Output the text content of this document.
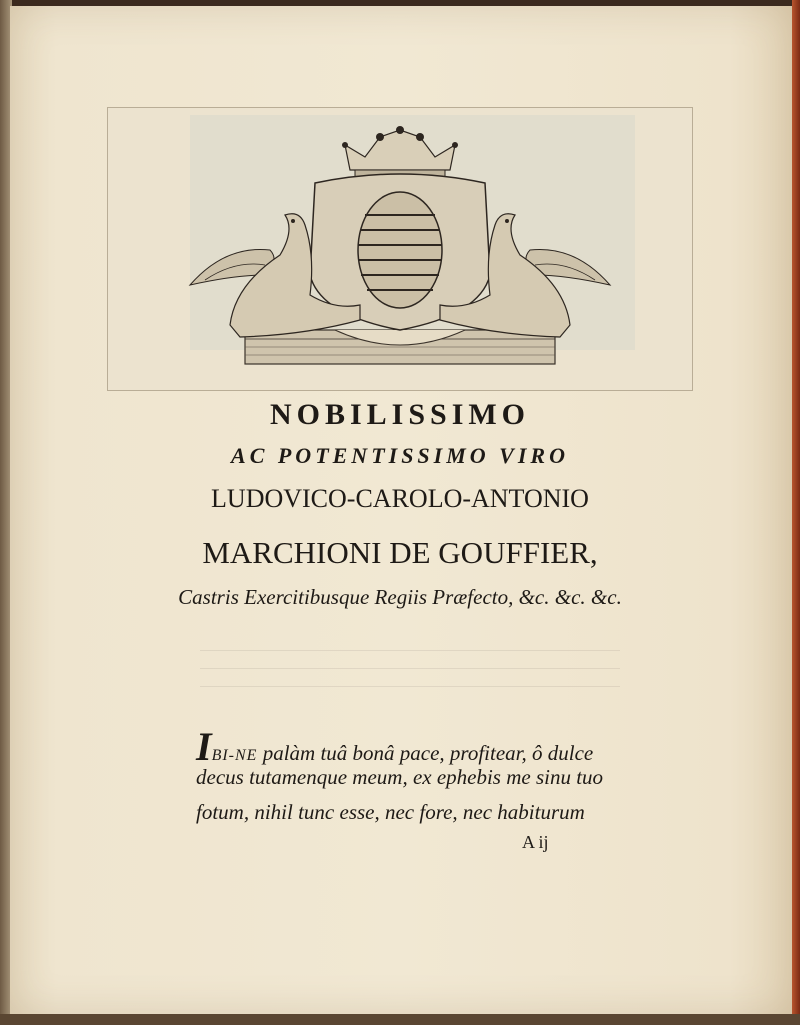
NOBILISSIMO
AC POTENTISSIMO VIRO
LUDOVICO-CAROLO-ANTONIO
MARCHIONI DE GOUFFIER,
Castris Exercitibusque Regiis Præfecto, &c. &c. &c.
IBI-NE palàm tuâ bonâ pace, profitear, ô dulce
decus tutamenque meum, ex ephebis me sinu tuo
fotum, nihil tunc esse, nec fore, nec habiturum
A ij
